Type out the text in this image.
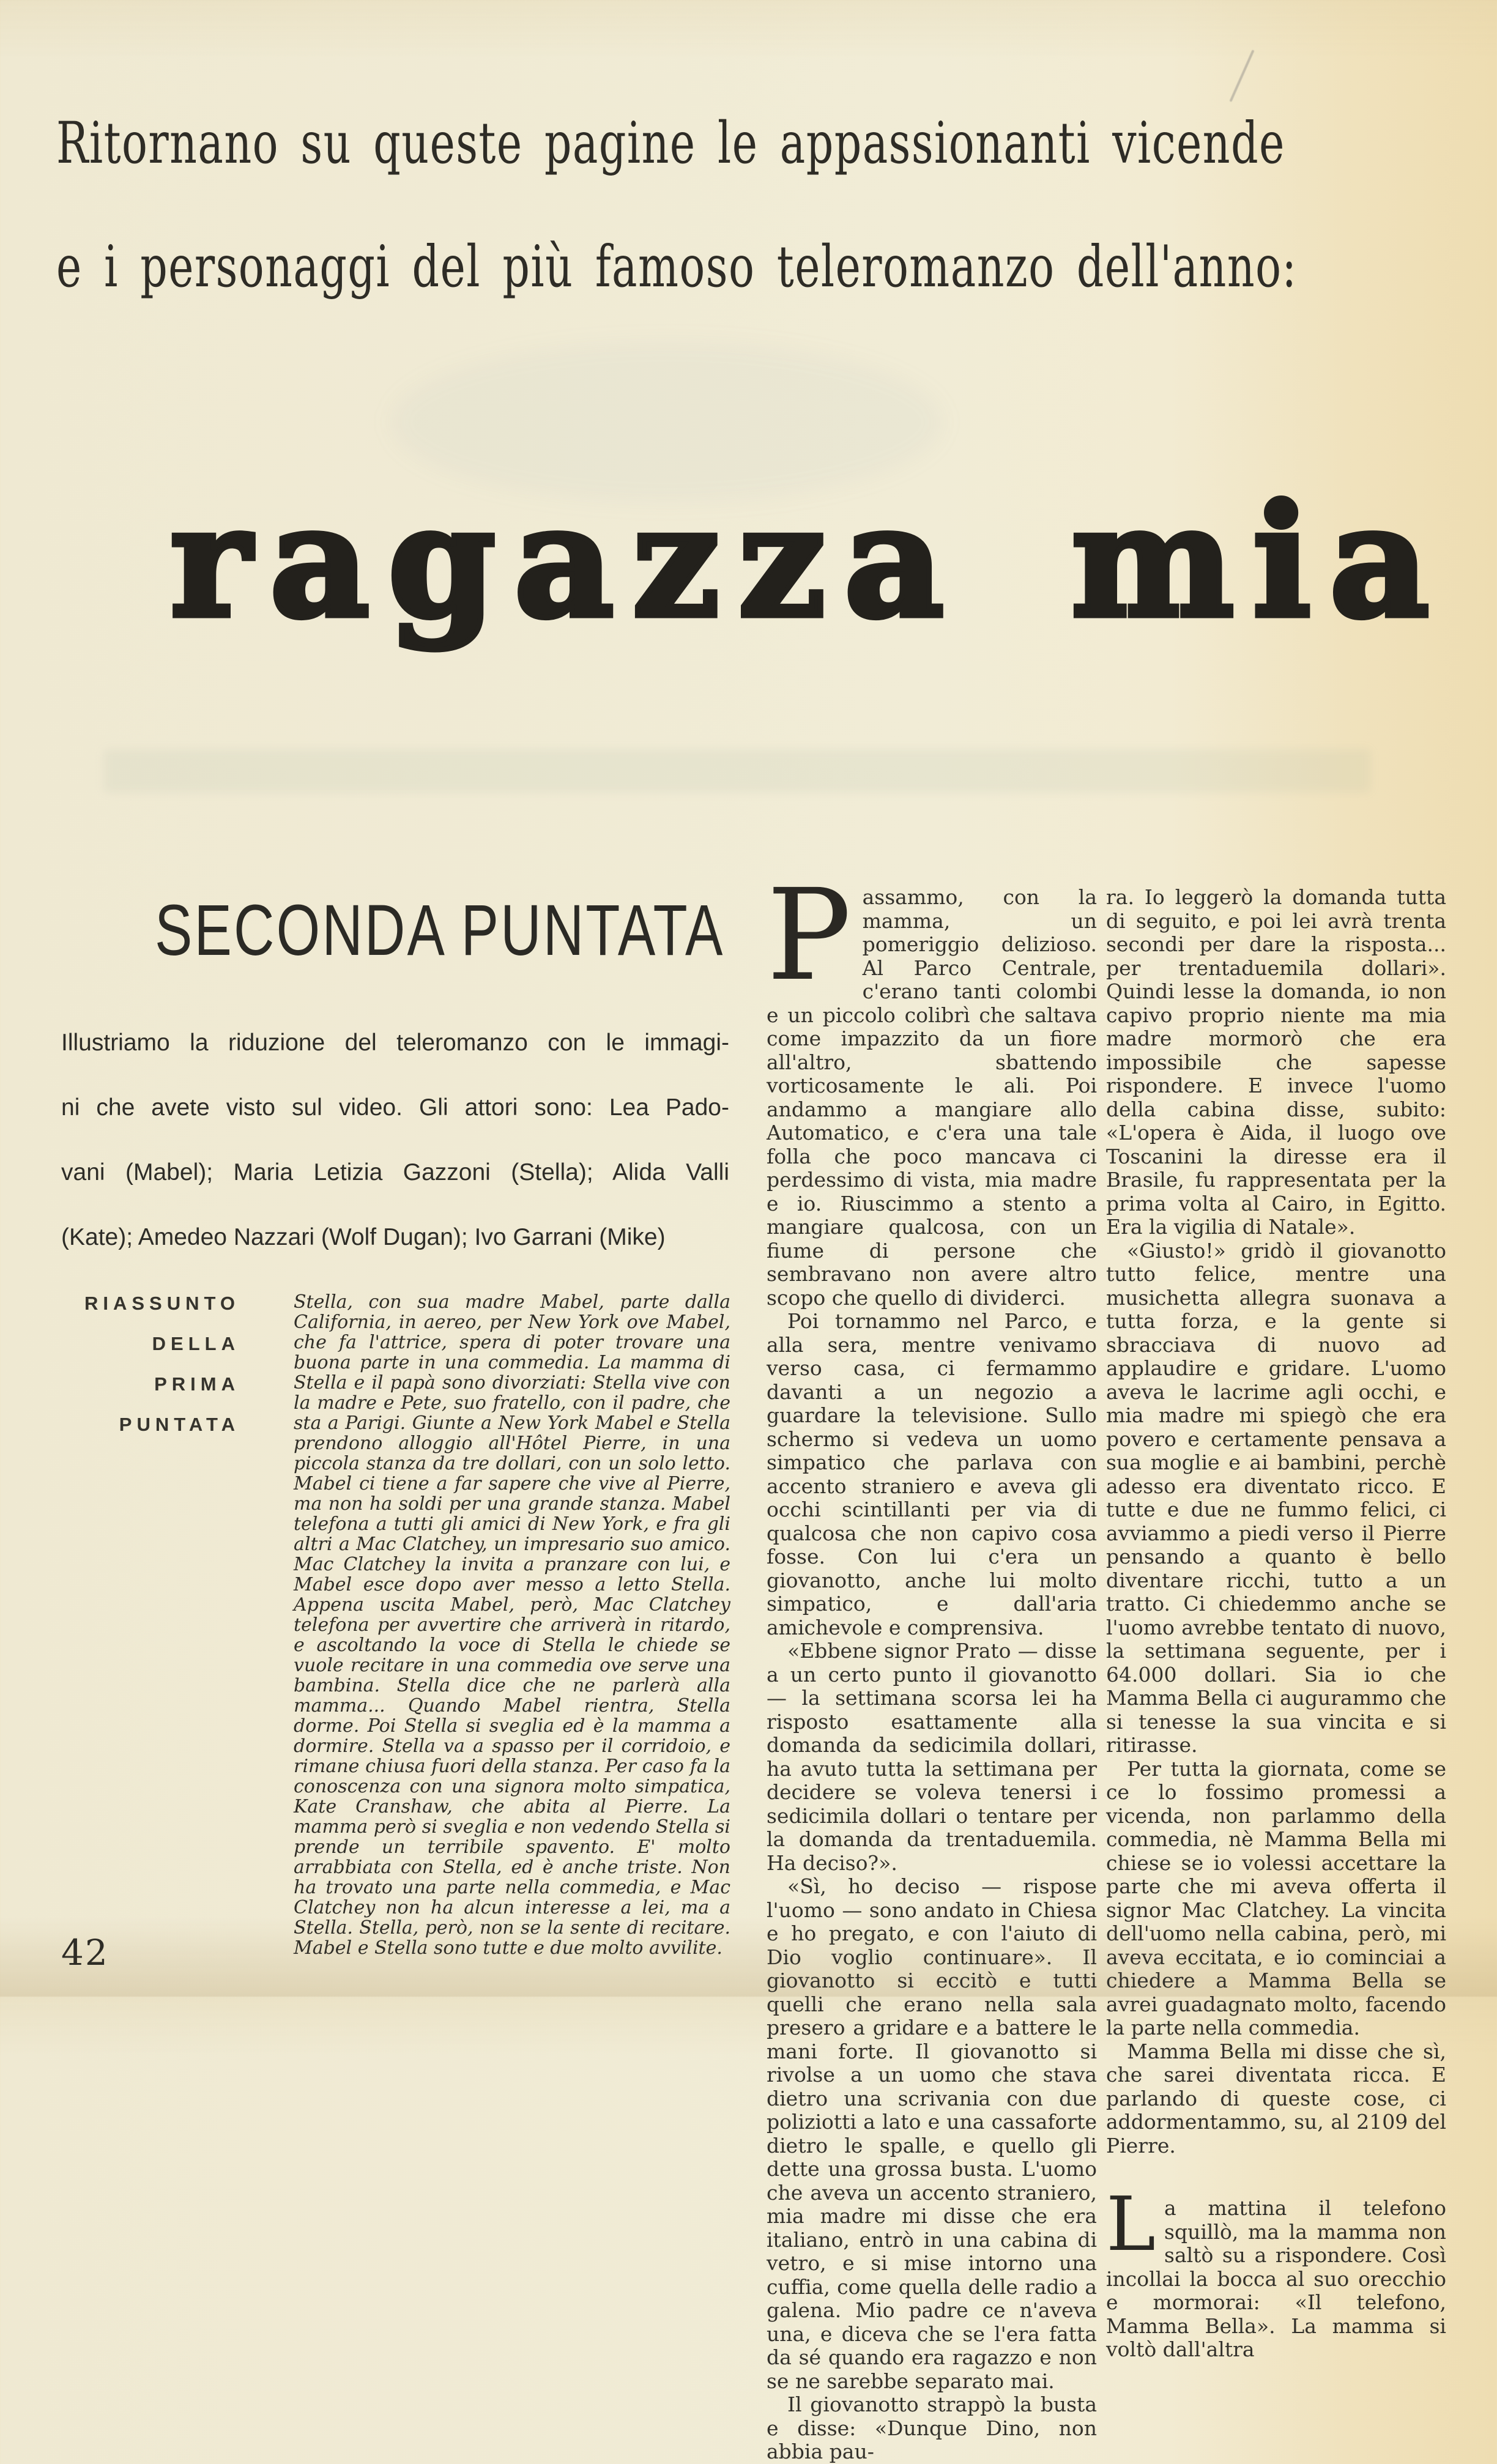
Ritornano su queste pagine le appassionanti vicende
e i personaggi del più famoso teleromanzo dell'anno:
ragazza mia
SECONDA PUNTATA
Illustriamo la riduzione del teleromanzo con le immagi-
ni che avete visto sul video. Gli attori sono: Lea Pado-
vani (Mabel); Maria Letizia Gazzoni (Stella); Alida Valli
(Kate); Amedeo Nazzari (Wolf Dugan); Ivo Garrani (Mike)
RIASSUNTO
DELLA
PRIMA
PUNTATA
Stella, con sua madre Mabel, parte dalla California, in aereo, per New York ove Mabel, che fa l'attrice, spera di poter trovare una buona parte in una commedia. La mamma di Stella e il papà sono divorziati: Stella vive con la madre e Pete, suo fratello, con il padre, che sta a Parigi. Giunte a New York Mabel e Stella prendono alloggio all'Hôtel Pierre, in una piccola stanza da tre dollari, con un solo letto. Mabel ci tiene a far sapere che vive al Pierre, ma non ha soldi per una grande stanza. Mabel telefona a tutti gli amici di New York, e fra gli altri a Mac Clatchey, un impresario suo amico. Mac Clatchey la invita a pranzare con lui, e Mabel esce dopo aver messo a letto Stella. Appena uscita Mabel, però, Mac Clatchey telefona per avvertire che arriverà in ritardo, e ascoltando la voce di Stella le chiede se vuole recitare in una commedia ove serve una bambina. Stella dice che ne parlerà alla mamma... Quando Mabel rientra, Stella dorme. Poi Stella si sveglia ed è la mamma a dormire. Stella va a spasso per il corridoio, e rimane chiusa fuori della stanza. Per caso fa la conoscenza con una signora molto simpatica, Kate Cranshaw, che abita al Pierre. La mamma però si sveglia e non vedendo Stella si prende un terribile spavento. E' molto arrabbiata con Stella, ed è anche triste. Non ha trovato una parte nella commedia, e Mac Clatchey non ha alcun interesse a lei, ma a Stella. Stella, però, non se la sente di recitare. Mabel e Stella sono tutte e due molto avvilite.

Passammo, con la mamma, un pomeriggio delizioso. Al Parco Centrale, c'erano tanti colombi e un piccolo colibrì che saltava come impazzito da un fiore all'altro, sbattendo vorticosamente le ali. Poi andammo a mangiare allo Automatico, e c'era una tale folla che poco mancava ci perdessimo di vista, mia madre e io. Riuscimmo a stento a mangiare qualcosa, con un fiume di persone che sembravano non avere altro scopo che quello di dividerci.

Poi tornammo nel Parco, e alla sera, mentre venivamo verso casa, ci fermammo davanti a un negozio a guardare la televisione. Sullo schermo si vedeva un uomo simpatico che parlava con accento straniero e aveva gli occhi scintillanti per via di qualcosa che non capivo cosa fosse. Con lui c'era un giovanotto, anche lui molto simpatico, e dall'aria amichevole e comprensiva.

«Ebbene signor Prato — disse a un certo punto il giovanotto — la settimana scorsa lei ha risposto esattamente alla domanda da sedicimila dollari, ha avuto tutta la settimana per decidere se voleva tenersi i sedicimila dollari o tentare per la domanda da trentaduemila. Ha deciso?».

«Sì, ho deciso — rispose l'uomo — sono andato in Chiesa e ho pregato, e con l'aiuto di Dio voglio continuare». Il giovanotto si eccitò e tutti quelli che erano nella sala presero a gridare e a battere le mani forte. Il giovanotto si rivolse a un uomo che stava dietro una scrivania con due poliziotti a lato e una cassaforte dietro le spalle, e quello gli dette una grossa busta. L'uomo che aveva un accento straniero, mia madre mi disse che era italiano, entrò in una cabina di vetro, e si mise intorno una cuffia, come quella delle radio a galena. Mio padre ce n'aveva una, e diceva che se l'era fatta da sé quando era ragazzo e non se ne sarebbe separato mai.

Il giovanotto strappò la busta e disse: «Dunque Dino, non abbia pau-

ra. Io leggerò la domanda tutta di seguito, e poi lei avrà trenta secondi per dare la risposta... per trentaduemila dollari». Quindi lesse la domanda, io non capivo proprio niente ma mia madre mormorò che era impossibile che sapesse rispondere. E invece l'uomo della cabina disse, subito: «L'opera è Aida, il luogo ove Toscanini la diresse era il Brasile, fu rappresentata per la prima volta al Cairo, in Egitto. Era la vigilia di Natale».

«Giusto!» gridò il giovanotto tutto felice, mentre una musichetta allegra suonava a tutta forza, e la gente si sbracciava di nuovo ad applaudire e gridare. L'uomo aveva le lacrime agli occhi, e mia madre mi spiegò che era povero e certamente pensava a sua moglie e ai bambini, perchè adesso era diventato ricco. E tutte e due ne fummo felici, ci avviammo a piedi verso il Pierre pensando a quanto è bello diventare ricchi, tutto a un tratto. Ci chiedemmo anche se l'uomo avrebbe tentato di nuovo, la settimana seguente, per i 64.000 dollari. Sia io che Mamma Bella ci augurammo che si tenesse la sua vincita e si ritirasse.

Per tutta la giornata, come se ce lo fossimo promessi a vicenda, non parlammo della commedia, nè Mamma Bella mi chiese se io volessi accettare la parte che mi aveva offerta il signor Mac Clatchey. La vincita dell'uomo nella cabina, però, mi aveva eccitata, e io cominciai a chiedere a Mamma Bella se avrei guadagnato molto, facendo la parte nella commedia.

Mamma Bella mi disse che sì, che sarei diventata ricca. E parlando di queste cose, ci addormentammo, su, al 2109 del Pierre.

La mattina il telefono squillò, ma la mamma non saltò su a rispondere. Così incollai la bocca al suo orecchio e mormorai: «Il telefono, Mamma Bella». La mamma si voltò dall'altra

42
